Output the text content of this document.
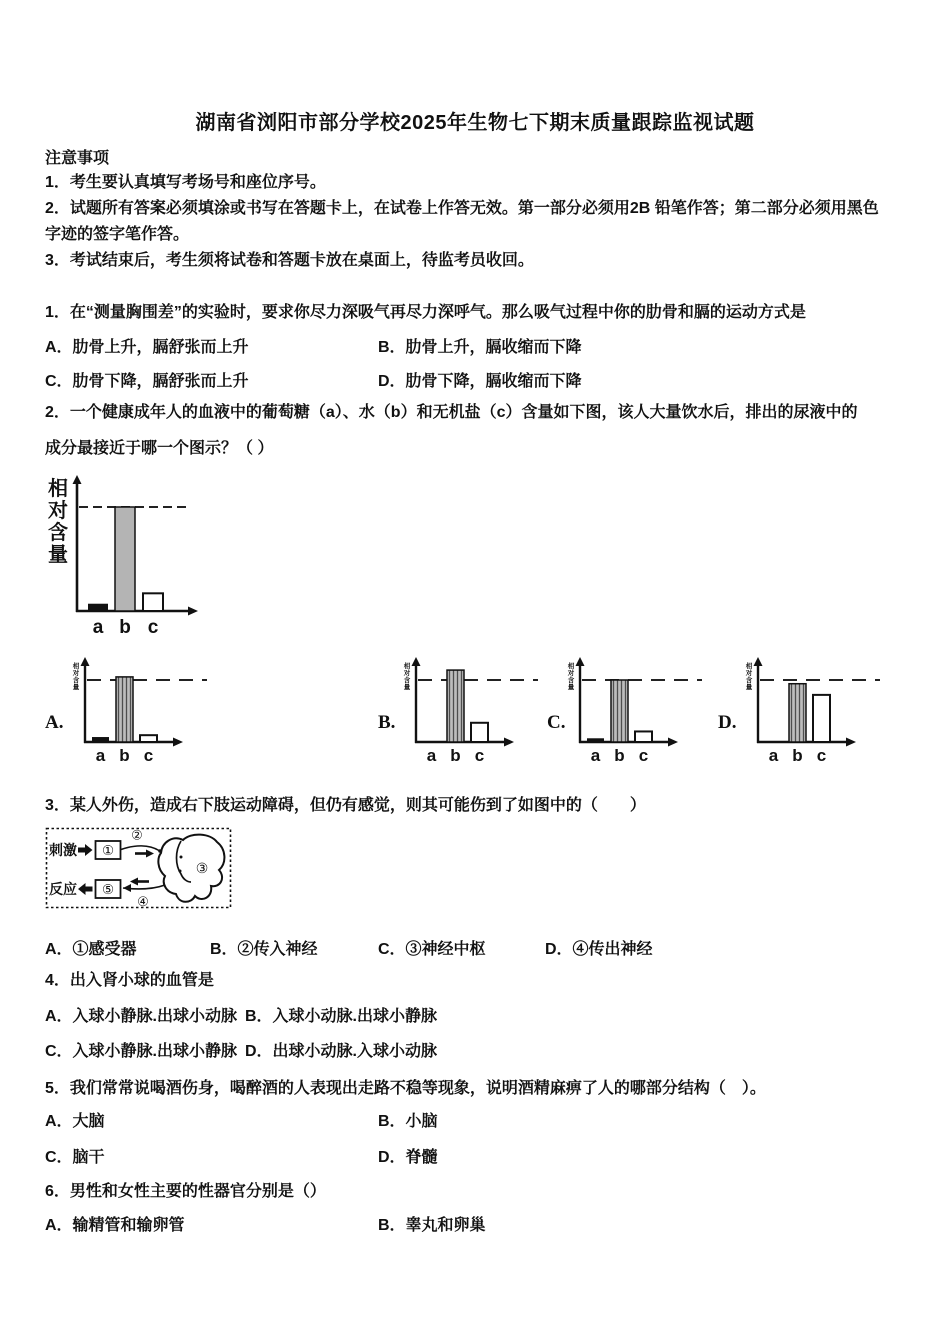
湖南省浏阳市部分学校2025年生物七下期末质量跟踪监视试题
注意事项
1．考生要认真填写考场号和座位序号。
2．试题所有答案必须填涂或书写在答题卡上，在试卷上作答无效。第一部分必须用2B 铅笔作答；第二部分必须用黑色字迹的签字笔作答。
3．考试结束后，考生须将试卷和答题卡放在桌面上，待监考员收回。
1．在“测量胸围差”的实验时，要求你尽力深吸气再尽力深呼气。那么吸气过程中你的肋骨和膈的运动方式是
A．肋骨上升，膈舒张而上升	B．肋骨上升，膈收缩而下降
C．肋骨下降，膈舒张而上升	D．肋骨下降，膈收缩而下降
2．一个健康成年人的血液中的葡萄糖（a）、水（b）和无机盐（c）含量如下图，该人大量饮水后，排出的尿液中的成分最接近于哪一个图示？（ ）
a b c
相对含量
A.
a b c
相对含量
B.
a b c
相对含量
C.
a b c
相对含量
D.
a b c
相对含量
3．某人外伤，造成右下肢运动障碍，但仍有感觉，则其可能伤到了如图中的（　　）
刺激 ①
②
③
反应 ⑤
④
A．①感受器	B．②传入神经	C．③神经中枢	D．④传出神经
4．出入肾小球的血管是
A．入球小静脉.出球小动脉 B．入球小动脉.出球小静脉
C．入球小静脉.出球小静脉 D．出球小动脉.入球小动脉
5．我们常常说喝酒伤身，喝醉酒的人表现出走路不稳等现象，说明酒精麻痹了人的哪部分结构（　）。
A．大脑	B．小脑
C．脑干	D．脊髓
6．男性和女性主要的性器官分别是（）
A．输精管和输卵管	B．睾丸和卵巢
